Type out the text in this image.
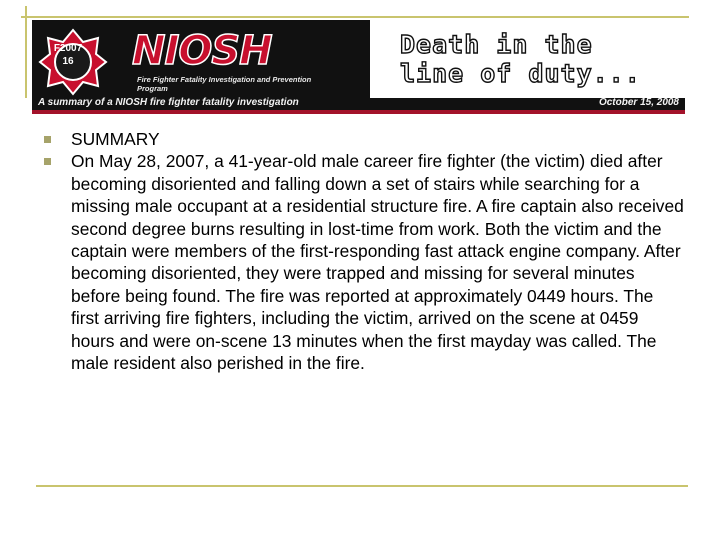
F2007
16	NIOSH
Fire Fighter Fatality Investigation and Prevention Program
Death in the
line of duty...
A summary of a NIOSH fire fighter fatality investigation	October 15, 2008

SUMMARY

On May 28, 2007, a 41-year-old male career fire fighter (the victim) died after becoming disoriented and falling down a set of stairs while searching for a missing male occupant at a residential structure fire. A fire captain also received second degree burns resulting in lost-time from work. Both the victim and the captain were members of the first-responding fast attack engine company. After becoming disoriented, they were trapped and missing for several minutes before being found. The fire was reported at approximately 0449 hours. The first arriving fire fighters, including the victim, arrived on the scene at 0459 hours and were on-scene 13 minutes when the first mayday was called. The male resident also perished in the fire.
